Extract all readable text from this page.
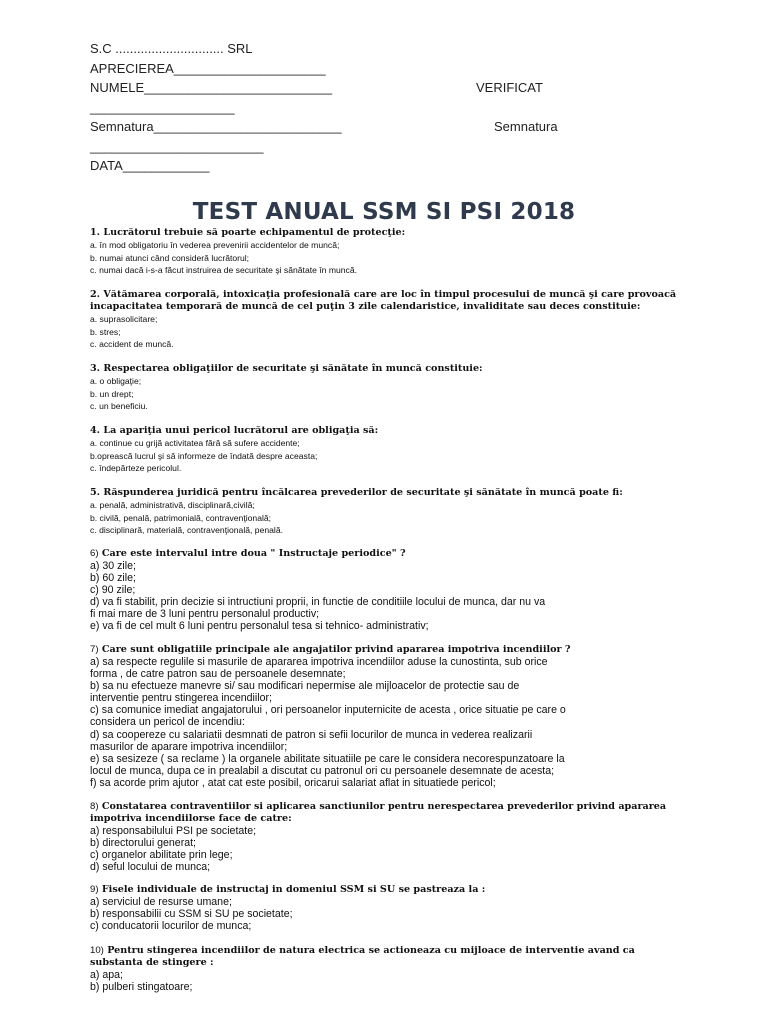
S.C .............................. SRL
APRECIEREA_____________________
NUMELE__________________________	VERIFICAT
____________________
Semnatura__________________________	Semnatura
________________________
DATA____________
TEST ANUAL SSM SI PSI 2018

1. Lucrătorul trebuie să poarte echipamentul de protecţie:

a. în mod obligatoriu în vederea prevenirii accidentelor de muncă;

b. numai atunci când consideră lucrătorul;

c. numai dacă i-s-a făcut instruirea de securitate şi sănătate în muncă.

2. Vătămarea corporală, intoxicaţia profesională care are loc în timpul procesului de muncă şi care provoacă

incapacitatea temporară de muncă de cel puţin 3 zile calendaristice, invaliditate sau deces constituie:

a. suprasolicitare;

b. stres;

c. accident de muncă.

3. Respectarea obligaţiilor de securitate şi sănătate în muncă constituie:

a. o obligaţie;

b. un drept;

c. un beneficiu.

4. La apariţia unui pericol lucrătorul are obligaţia să:

a. continue cu grijă activitatea fără să sufere accidente;

b.oprească lucrul şi să informeze de îndată despre aceasta;

c. îndepărteze pericolul.

5. Răspunderea juridică pentru încălcarea prevederilor de securitate şi sănătate în muncă poate fi:

a. penală, administrativă, disciplinară,civilă;

b. civilă, penală, patrimonială, contravenţională;

c. disciplinară, materială, contravenţională, penală.

6) Care este intervalul intre doua " Instructaje periodice" ?

a) 30 zile;

b) 60 zile;

c) 90 zile;

d) va fi stabilit, prin decizie si intructiuni proprii, in functie de conditiile locului de munca, dar nu va

fi mai mare de 3 luni pentru personalul productiv;

e) va fi de cel mult 6 luni pentru personalul tesa si tehnico- administrativ;

7) Care sunt obligatiile principale ale angajatilor privind apararea impotriva incendiilor ?

a) sa respecte regulile si masurile de apararea impotriva incendiilor aduse la cunostinta, sub orice

forma , de catre patron sau de persoanele desemnate;

b) sa nu efectueze manevre si/ sau modificari nepermise ale mijloacelor de protectie sau de

interventie pentru stingerea incendiilor;

c) sa comunice imediat angajatorului , ori persoanelor inputernicite de acesta , orice situatie pe care o

considera un pericol de incendiu:

d) sa coopereze cu salariatii desmnati de patron si sefii locurilor de munca in vederea realizarii

masurilor de aparare impotriva incendiilor;

e) sa sesizeze ( sa reclame ) la organele abilitate situatiile pe care le considera necorespunzatoare la

locul de munca, dupa ce in prealabil a discutat cu patronul ori cu persoanele desemnate de acesta;

f) sa acorde prim ajutor , atat cat este posibil, oricarui salariat aflat in situatiede pericol;

8) Constatarea contraventiilor si aplicarea sanctiunilor pentru nerespectarea prevederilor privind apararea

impotriva incendiilorse face de catre:

a) responsabilului PSI pe societate;

b) directorului generat;

c) organelor abilitate prin lege;

d) seful locului de munca;

9) Fisele individuale de instructaj in domeniul SSM si SU se pastreaza la :

a) serviciul de resurse umane;

b) responsabilii cu SSM si SU pe societate;

c) conducatorii locurilor de munca;

10) Pentru stingerea incendiilor de natura electrica se actioneaza cu mijloace de interventie avand ca

substanta de stingere :

a) apa;

b) pulberi stingatoare;
